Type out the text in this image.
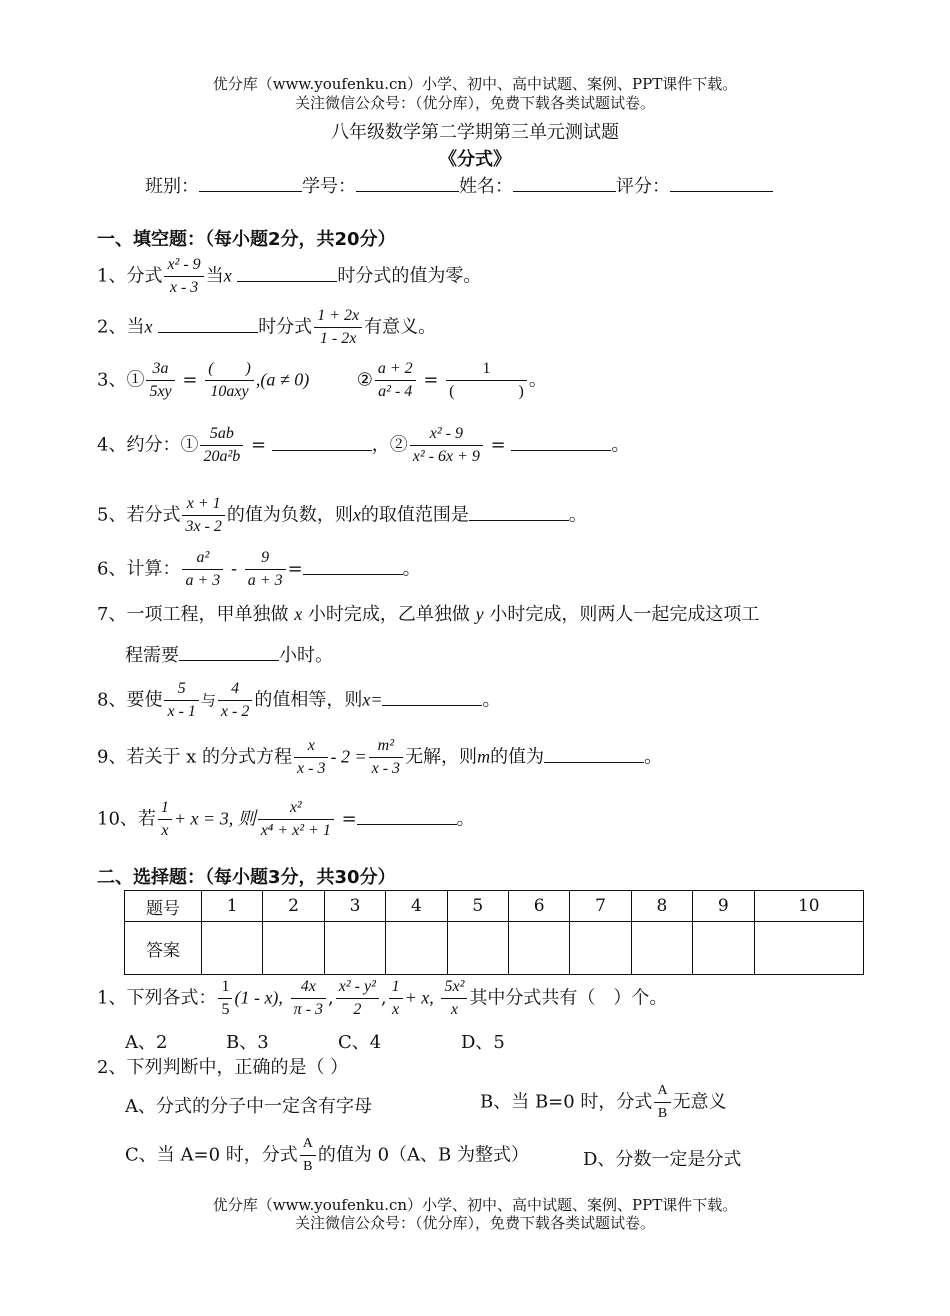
优分库（www.youfenku.cn）小学、初中、高中试题、案例、PPT课件下载。
关注微信公众号：（优分库），免费下载各类试题试卷。
八年级数学第二学期第三单元测试题
《分式》
班别：	学号：	姓名：	评分：
一、填空题：（每小题2分，共20分）
1、分式 $\frac{\text{x² - 9}}{x - 3}$ 当x	时分式的值为零。
2、当x	时分式 $\frac{1 + 2x}{1 - 2x}$ 有意义。
3、① $\frac{3a}{5xy} = \frac{( )}{\text{10axy}} ,(a \ne 0)$	② $\frac{a + 2}{\text{a² - 4}} = \frac{1}{( )}$ 。
4、约分：① $\frac{5ab}{\text{20a²b}}$ =	，② $\frac{\text{x² - 9}}{\text{x² - 6x + 9}}$ =	。
5、若分式 $\frac{x + 1}{3x - 2}$ 的值为负数，则x的取值范围是	。
6、计算： $\frac{\text{a²}}{a + 3} - \frac{9}{a + 3}$ =	。
7、一项工程，甲单独做 x 小时完成，乙单独做 y 小时完成，则两人一起完成这项工
程需要	小时。
8、要使 $\frac{5}{x - 1}$ 与 $\frac{4}{x - 2}$ 的值相等，则x=	。
9、若关于 x 的分式方程 $\frac{x}{x - 3} - 2 = \frac{\text{m²}}{x - 3}$ 无解，则m的值为	。
10、若 $\frac{1}{x} + x = 3$, 则 $\frac{\text{x²}}{\text{x⁴ + x² + 1}}$ =	。
二、选择题：（每小题3分，共30分）
题号	1	2	3	4	5	6	7	8	9	10
答案										
1、下列各式： $\frac{1}{5} (1 - x)$, $\frac{4x}{\pi - 3}$ , $\frac{\text{x² - y²}}{2}$ , $\frac{1}{x} + x$, $\frac{\text{5x²}}{x}$ 其中分式共有（　）个。
A、2	B、3	C、4	D、5
2、下列判断中，正确的是（ ）
A、分式的分子中一定含有字母	B、当 B=0 时，分式 $\frac{A}{B}$ 无意义
C、当 A=0 时，分式 $\frac{A}{B}$ 的值为 0（A、B 为整式）	D、分数一定是分式
优分库（www.youfenku.cn）小学、初中、高中试题、案例、PPT课件下载。
关注微信公众号：（优分库），免费下载各类试题试卷。
